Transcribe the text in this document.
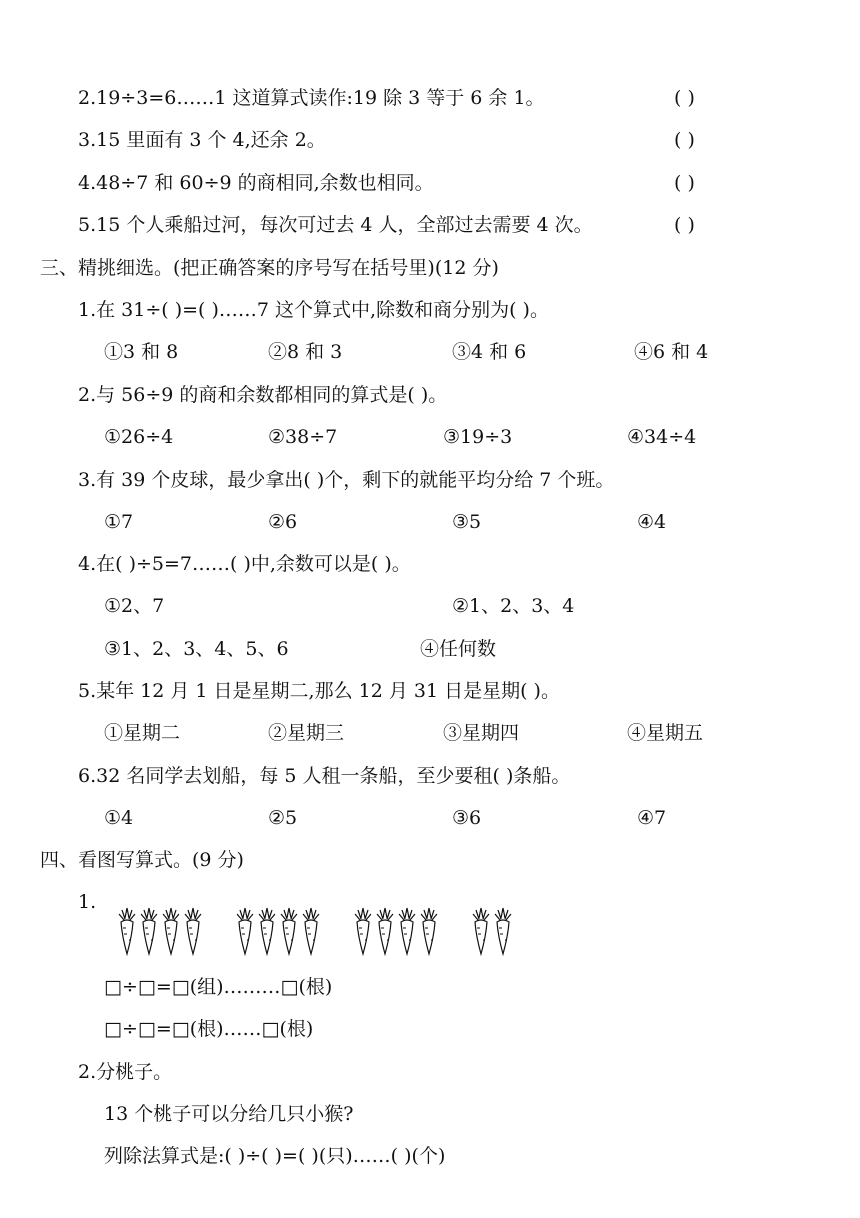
2.19÷3=6……1 这道算式读作:19 除 3 等于 6 余 1。	( )
3.15 里面有 3 个 4,还余 2。	( )
4.48÷7 和 60÷9 的商相同,余数也相同。	( )
5.15 个人乘船过河，每次可过去 4 人，全部过去需要 4 次。	( )
三、精挑细选。(把正确答案的序号写在括号里)(12 分)
1.在 31÷( )=( )……7 这个算式中,除数和商分别为( )。
①3 和 8	②8 和 3	③4 和 6	④6 和 4
2.与 56÷9 的商和余数都相同的算式是( )。
①26÷4	②38÷7	③19÷3	④34÷4
3.有 39 个皮球，最少拿出( )个，剩下的就能平均分给 7 个班。
①7	②6	③5	④4
4.在( )÷5=7……( )中,余数可以是( )。
①2、7	②1、2、3、4
③1、2、3、4、5、6	④任何数
5.某年 12 月 1 日是星期二,那么 12 月 31 日是星期( )。
①星期二	②星期三	③星期四	④星期五
6.32 名同学去划船，每 5 人租一条船，至少要租( )条船。
①4	②5	③6	④7
四、看图写算式。(9 分)
1.
□÷□=□(组)………□(根)
□÷□=□(根)……□(根)
2.分桃子。
13 个桃子可以分给几只小猴?
列除法算式是:( )÷( )=( )(只)……( )(个)
